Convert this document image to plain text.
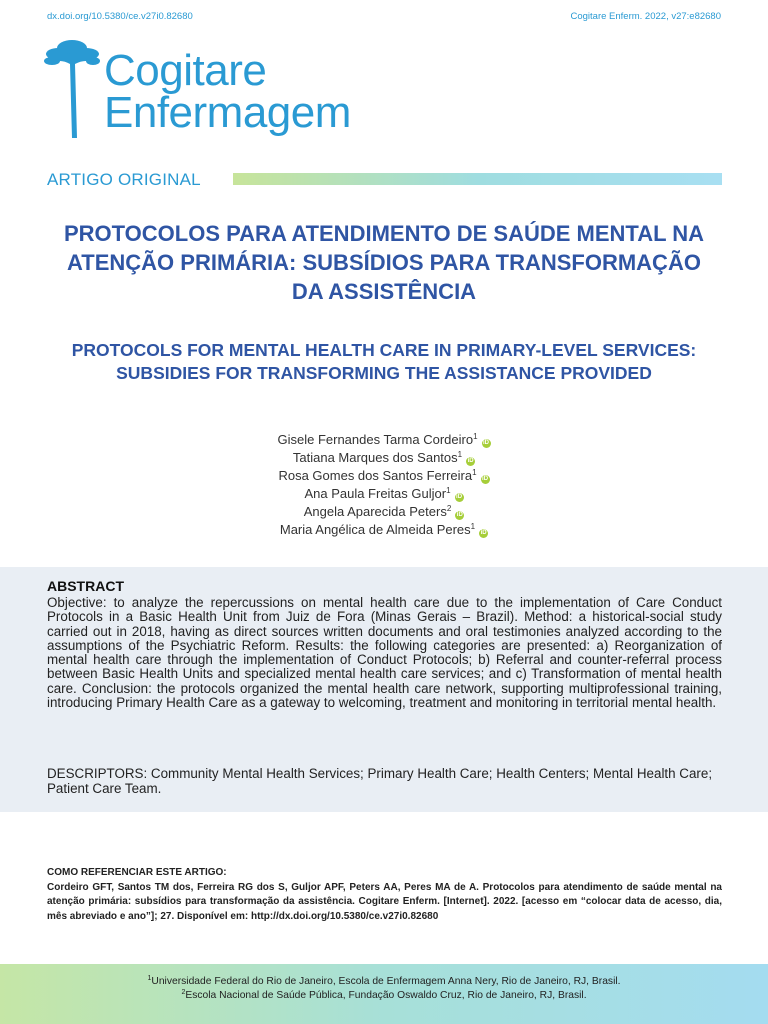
dx.doi.org/10.5380/ce.v27i0.82680	Cogitare Enferm. 2022, v27:e82680
Cogitare
Enfermagem
ARTIGO ORIGINAL
PROTOCOLOS PARA ATENDIMENTO DE SAÚDE MENTAL NA ATENÇÃO PRIMÁRIA: SUBSÍDIOS PARA TRANSFORMAÇÃO DA ASSISTÊNCIA
PROTOCOLS FOR MENTAL HEALTH CARE IN PRIMARY-LEVEL SERVICES: SUBSIDIES FOR TRANSFORMING THE ASSISTANCE PROVIDED
Gisele Fernandes Tarma Cordeiro$^1$iD
Tatiana Marques dos Santos$^1$iD
Rosa Gomes dos Santos Ferreira$^1$iD
Ana Paula Freitas Guljor$^1$iD
Angela Aparecida Peters$^2$iD
Maria Angélica de Almeida Peres$^1$iD
ABSTRACT
Objective: to analyze the repercussions on mental health care due to the implementation of Care Conduct Protocols in a Basic Health Unit from Juiz de Fora (Minas Gerais – Brazil). Method: a historical-social study carried out in 2018, having as direct sources written documents and oral testimonies analyzed according to the assumptions of the Psychiatric Reform. Results: the following categories are presented: a) Reorganization of mental health care through the implementation of Conduct Protocols; b) Referral and counter-referral process between Basic Health Units and specialized mental health care services; and c) Transformation of mental health care. Conclusion: the protocols organized the mental health care network, supporting multiprofessional training, introducing Primary Health Care as a gateway to welcoming, treatment and monitoring in territorial mental health.
DESCRIPTORS: Community Mental Health Services; Primary Health Care; Health Centers; Mental Health Care; Patient Care Team.
COMO REFERENCIAR ESTE ARTIGO:
Cordeiro GFT, Santos TM dos, Ferreira RG dos S, Guljor APF, Peters AA, Peres MA de A. Protocolos para atendimento de saúde mental na atenção primária: subsídios para transformação da assistência. Cogitare Enferm. [Internet]. 2022. [acesso em “colocar data de acesso, dia, mês abreviado e ano”]; 27. Disponível em: http://dx.doi.org/10.5380/ce.v27i0.82680
$^1$Universidade Federal do Rio de Janeiro, Escola de Enfermagem Anna Nery, Rio de Janeiro, RJ, Brasil.
$^2$Escola Nacional de Saúde Pública, Fundação Oswaldo Cruz, Rio de Janeiro, RJ, Brasil.
